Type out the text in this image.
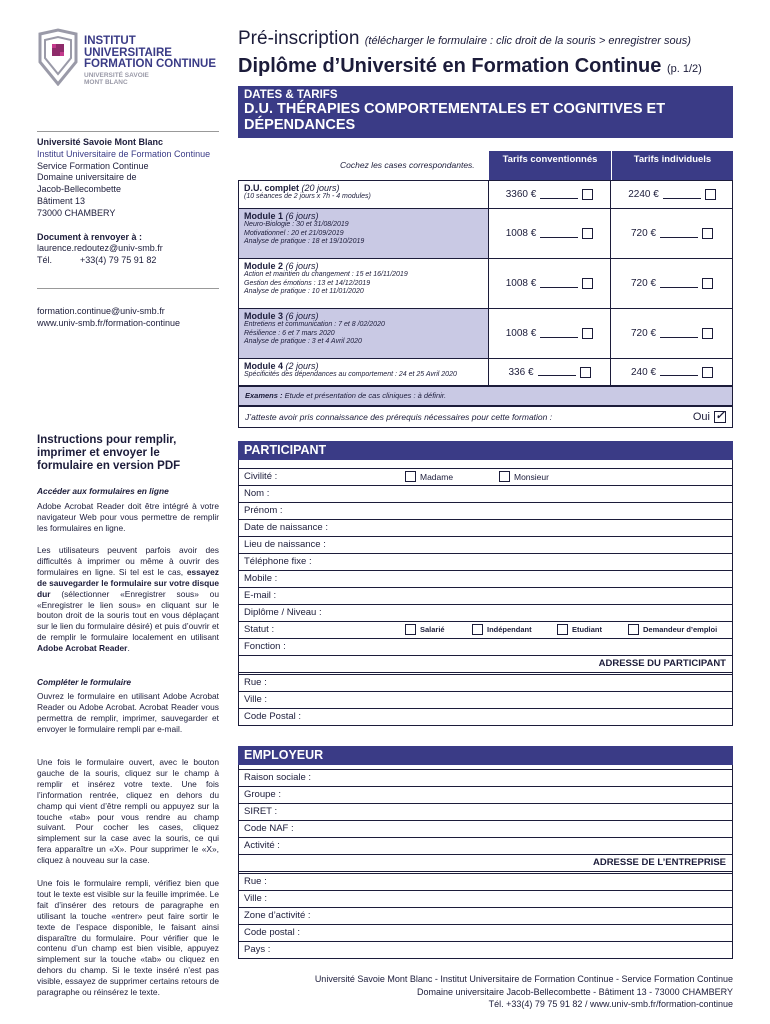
INSTITUT
UNIVERSITAIRE
FORMATION CONTINUE
UNIVERSITÉ SAVOIE
MONT BLANC
Pré-inscription (télécharger le formulaire : clic droit de la souris > enregistrer sous)
Diplôme d’Université en Formation Continue (p. 1/2)
Université Savoie Mont Blanc
Institut Universitaire de Formation Continue
Service Formation Continue
Domaine universitaire de
Jacob-Bellecombette
Bâtiment 13
73000 CHAMBERY
Document à renvoyer à :
laurence.redoutez@univ-smb.fr
Tél.	+33(4) 79 75 91 82
formation.continue@univ-smb.fr
www.univ-smb.fr/formation-continue
Instructions pour remplir, imprimer et envoyer le formulaire en version PDF
Accéder aux formulaires en ligne
Adobe Acrobat Reader doit être intégré à votre navigateur Web pour vous permettre de remplir les formulaires en ligne.
Les utilisateurs peuvent parfois avoir des difficultés à imprimer ou même à ouvrir des formulaires en ligne. Si tel est le cas, essayez de sauvegarder le formulaire sur votre disque dur (sélectionner «Enregistrer sous» ou «Enregistrer le lien sous» en cliquant sur le bouton droit de la souris tout en vous déplaçant sur le lien du formulaire désiré) et puis d’ouvrir et de remplir le formulaire localement en utilisant Adobe Acrobat Reader.
Compléter le formulaire
Ouvrez le formulaire en utilisant Adobe Acrobat Reader ou Adobe Acrobat. Acrobat Reader vous permettra de remplir, imprimer, sauvegarder et envoyer le formulaire rempli par e-mail.
Une fois le formulaire ouvert, avec le bouton gauche de la souris, cliquez sur le champ à remplir et insérez votre texte. Une fois l’information rentrée, cliquez en dehors du champ qui vient d’être rempli ou appuyez sur la touche «tab» pour vous rendre au champ suivant. Pour cocher les cases, cliquez simplement sur la case avec la souris, ce qui fera apparaître un «X». Pour supprimer le «X», cliquez à nouveau sur la case.
Une fois le formulaire rempli, vérifiez bien que tout le texte est visible sur la feuille imprimée. Le fait d’insérer des retours de paragraphe en utilisant la touche «entrer» peut faire sortir le texte de l’espace disponible, le faisant ainsi disparaître du formulaire. Pour vérifier que le contenu d’un champ est bien visible, appuyez simplement sur la touche «tab» ou cliquez en dehors du champ. Si le texte inséré n’est pas visible, essayez de supprimer certains retours de paragraphe ou réinsérez le texte.
DATES & TARIFS
D.U. THÉRAPIES COMPORTEMENTALES ET COGNITIVES ET DÉPENDANCES
Cochez les cases correspondantes.	Tarifs conventionnés	Tarifs individuels
D.U. complet (20 jours)
(10 séances de 2 jours x 7h - 4 modules)	3360 €	2240 €
Module 1 (6 jours)
Neuro-Biologie : 30 et 31/08/2019
Motivationnel : 20 et 21/09/2019
Analyse de pratique : 18 et 19/10/2019
1008 €	720 €
Module 2 (6 jours)
Action et maintien du changement : 15 et 16/11/2019
Gestion des émotions : 13 et 14/12/2019
Analyse de pratique : 10 et 11/01/2020
1008 €	720 €
Module 3 (6 jours)
Entretiens et communication : 7 et 8 /02/2020
Résilience : 6 et 7 mars 2020
Analyse de pratique : 3 et 4 Avril 2020
1008 €	720 €
Module 4 (2 jours)
Spécificités des dépendances au comportement : 24 et 25 Avril 2020	336 €	240 €
Examens : Etude et présentation de cas cliniques : à définir.
J’atteste avoir pris connaissance des prérequis nécessaires pour cette formation :	Oui ✓
PARTICIPANT
Civilité :	Madame	Monsieur
Nom :
Prénom :
Date de naissance :
Lieu de naissance :
Téléphone fixe :
Mobile :
E-mail :
Diplôme / Niveau :
Statut :	Salarié	Indépendant	Etudiant	Demandeur d’emploi
Fonction :
ADRESSE DU PARTICIPANT
Rue :
Ville :
Code Postal :
EMPLOYEUR
Raison sociale :
Groupe :
SIRET :
Code NAF :
Activité :
ADRESSE DE L’ENTREPRISE
Rue :
Ville :
Zone d’activité :
Code postal :
Pays :
Université Savoie Mont Blanc - Institut Universitaire de Formation Continue - Service Formation Continue
Domaine universitaire Jacob-Bellecombette - Bâtiment 13 - 73000 CHAMBERY
Tél. +33(4) 79 75 91 82 / www.univ-smb.fr/formation-continue
